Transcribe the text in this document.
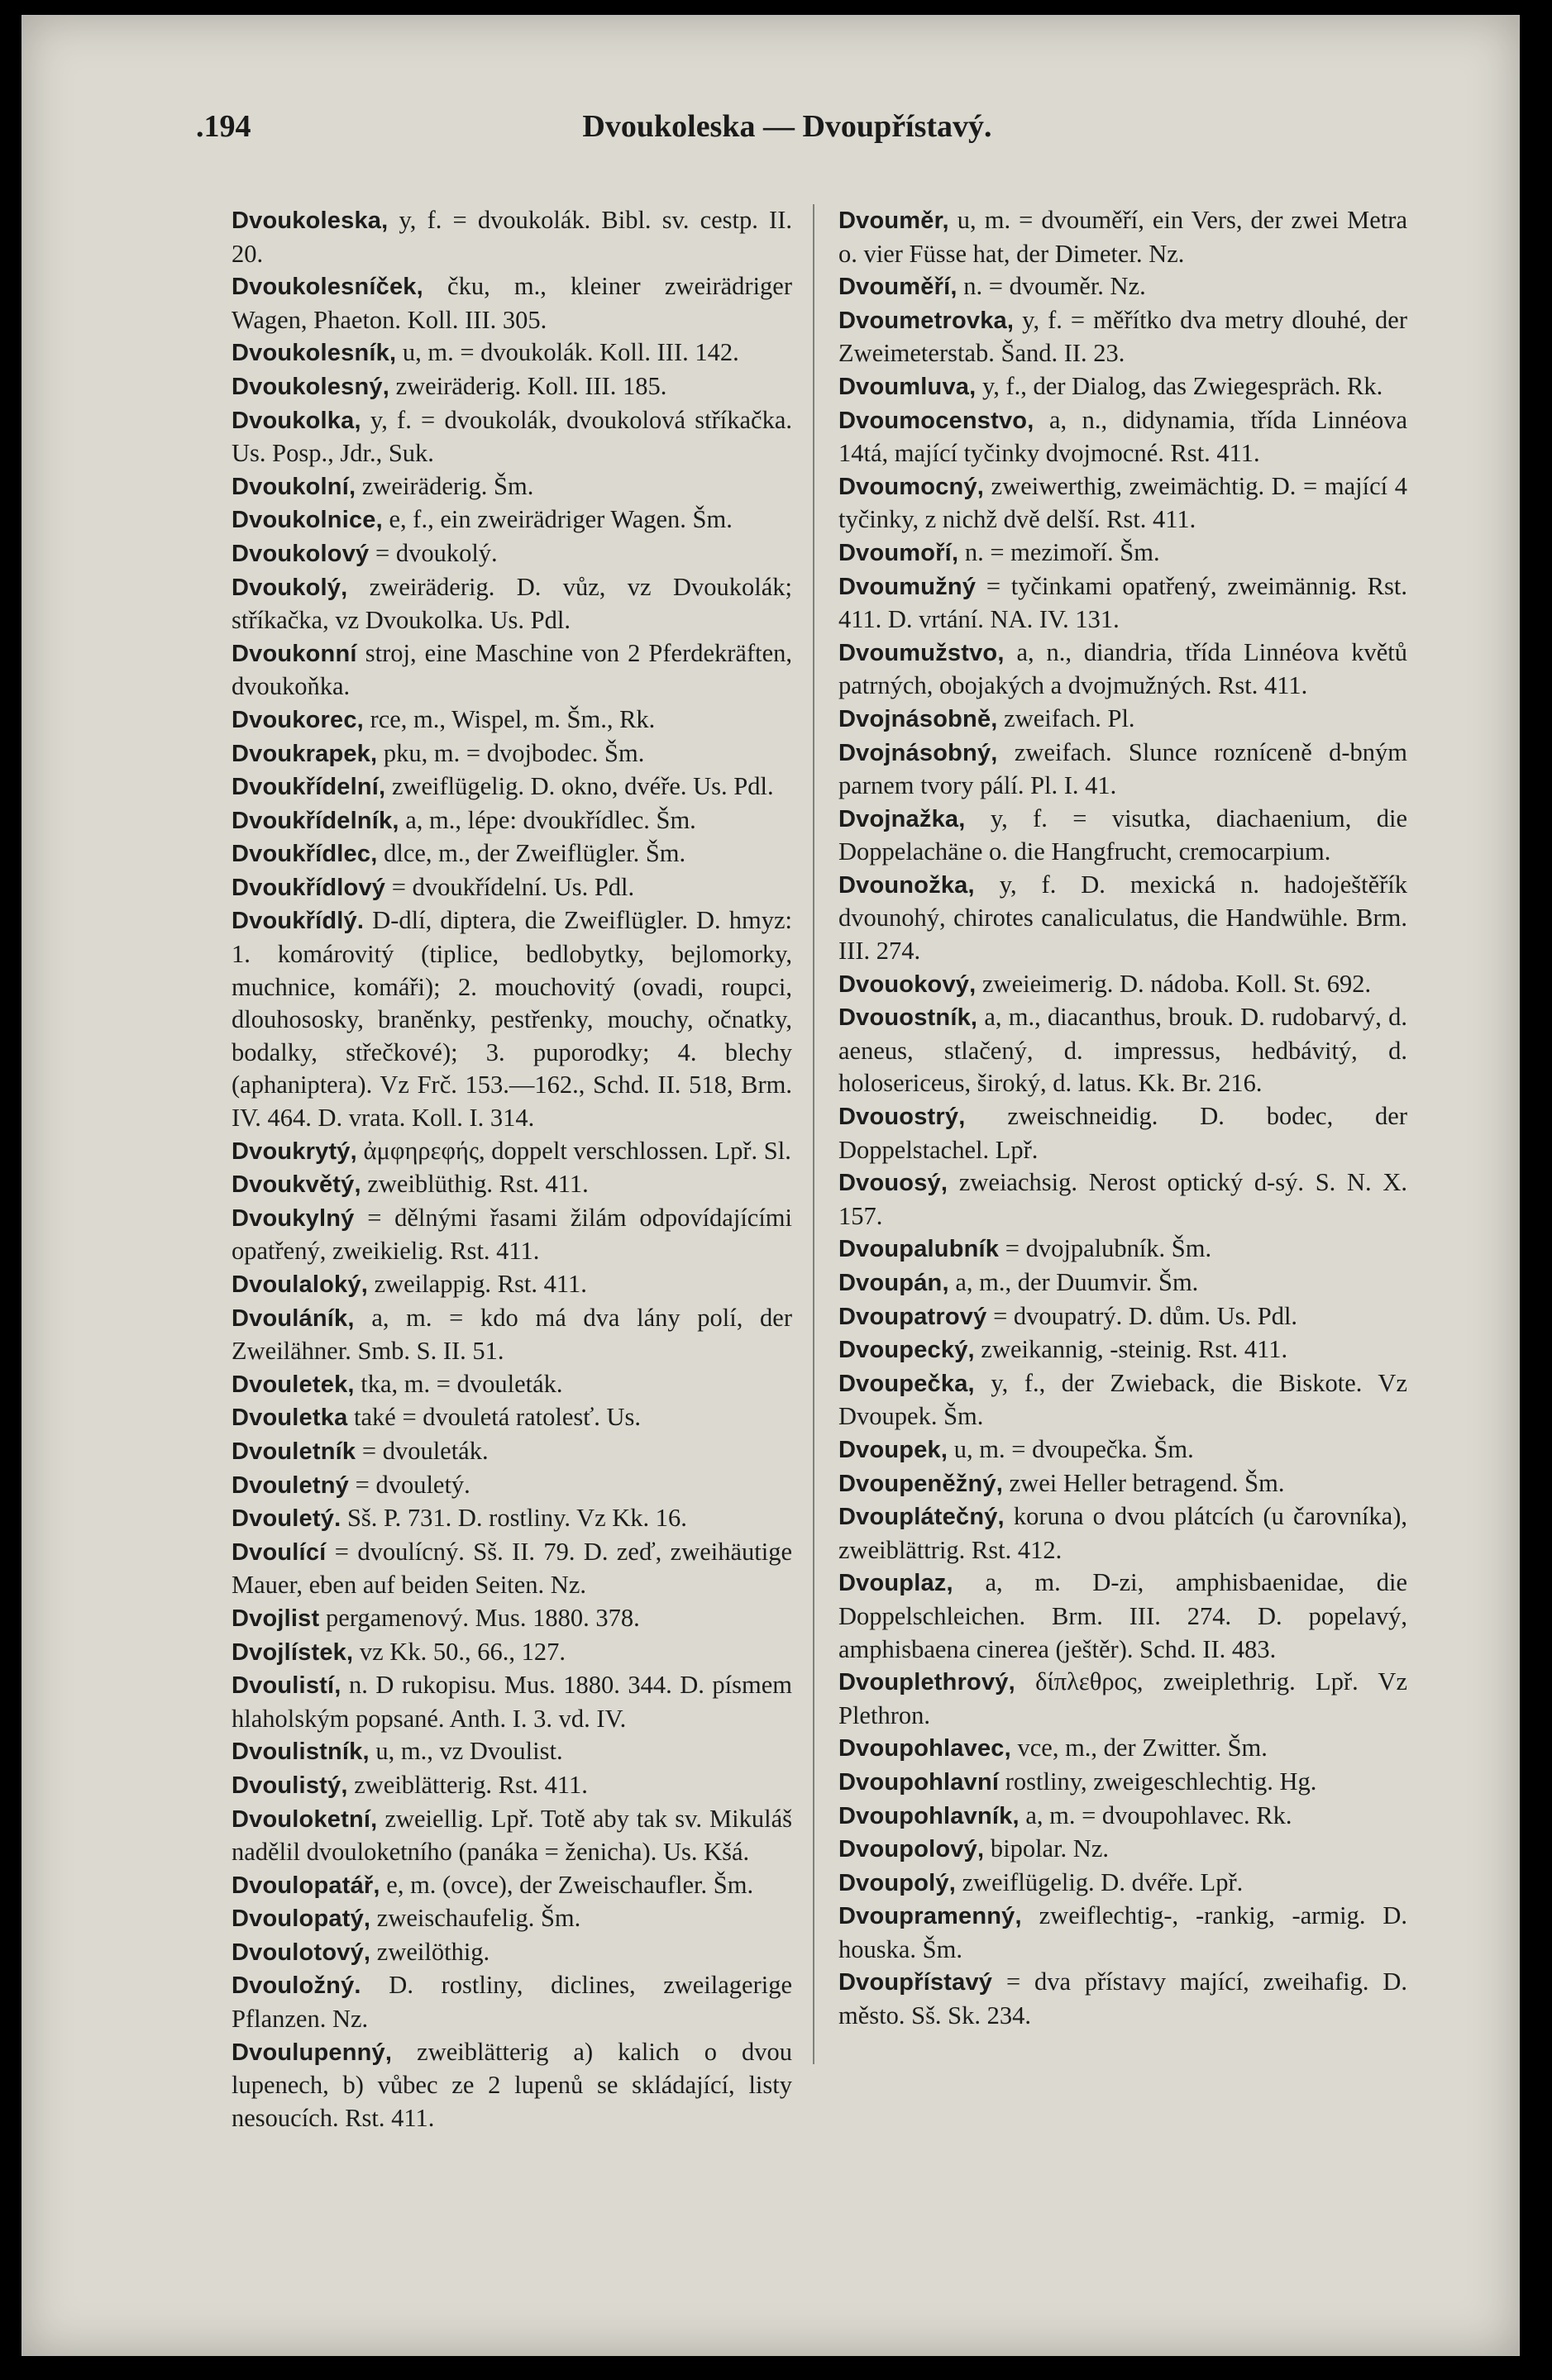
.194	Dvoukoleska — Dvoupřístavý.

Dvoukoleska, y, f. = dvoukolák. Bibl. sv. cestp. II. 20.

Dvoukolesníček, čku, m., kleiner zweirädriger Wagen, Phaeton. Koll. III. 305.

Dvoukolesník, u, m. = dvoukolák. Koll. III. 142.

Dvoukolesný, zweiräderig. Koll. III. 185.

Dvoukolka, y, f. = dvoukolák, dvoukolová stříkačka. Us. Posp., Jdr., Suk.

Dvoukolní, zweiräderig. Šm.

Dvoukolnice, e, f., ein zweirädriger Wagen. Šm.

Dvoukolový = dvoukolý.

Dvoukolý, zweiräderig. D. vůz, vz Dvoukolák; stříkačka, vz Dvoukolka. Us. Pdl.

Dvoukonní stroj, eine Maschine von 2 Pferdekräften, dvoukoňka.

Dvoukorec, rce, m., Wispel, m. Šm., Rk.

Dvoukrapek, pku, m. = dvojbodec. Šm.

Dvoukřídelní, zweiflügelig. D. okno, dvéře. Us. Pdl.

Dvoukřídelník, a, m., lépe: dvoukřídlec. Šm.

Dvoukřídlec, dlce, m., der Zweiflügler. Šm.

Dvoukřídlový = dvoukřídelní. Us. Pdl.

Dvoukřídlý. D-dlí, diptera, die Zweiflügler. D. hmyz: 1. komárovitý (tiplice, bedlobytky, bejlomorky, muchnice, komáři); 2. mouchovitý (ovadi, roupci, dlouhososky, braněnky, pestřenky, mouchy, očnatky, bodalky, střečkové); 3. puporodky; 4. blechy (aphaniptera). Vz Frč. 153.—162., Schd. II. 518, Brm. IV. 464. D. vrata. Koll. I. 314.

Dvoukrytý, ἀμφηρεφής, doppelt verschlossen. Lpř. Sl.

Dvoukvětý, zweiblüthig. Rst. 411.

Dvoukylný = dělnými řasami žilám odpovídajícími opatřený, zweikielig. Rst. 411.

Dvoulaloký, zweilappig. Rst. 411.

Dvouláník, a, m. = kdo má dva lány polí, der Zweilähner. Smb. S. II. 51.

Dvouletek, tka, m. = dvouleták.

Dvouletka také = dvouletá ratolesť. Us.

Dvouletník = dvouleták.

Dvouletný = dvouletý.

Dvouletý. Sš. P. 731. D. rostliny. Vz Kk. 16.

Dvoulící = dvoulícný. Sš. II. 79. D. zeď, zweihäutige Mauer, eben auf beiden Seiten. Nz.

Dvojlist pergamenový. Mus. 1880. 378.

Dvojlístek, vz Kk. 50., 66., 127.

Dvoulistí, n. D rukopisu. Mus. 1880. 344. D. písmem hlaholským popsané. Anth. I. 3. vd. IV.

Dvoulistník, u, m., vz Dvoulist.

Dvoulistý, zweiblätterig. Rst. 411.

Dvouloketní, zweiellig. Lpř. Totě aby tak sv. Mikuláš nadělil dvouloketního (panáka = ženicha). Us. Kšá.

Dvoulopatář, e, m. (ovce), der Zweischaufler. Šm.

Dvoulopatý, zweischaufelig. Šm.

Dvoulotový, zweilöthig.

Dvouložný. D. rostliny, diclines, zweilagerige Pflanzen. Nz.

Dvoulupenný, zweiblätterig a) kalich o dvou lupenech, b) vůbec ze 2 lupenů se skládající, listy nesoucích. Rst. 411.

Dvouměr, u, m. = dvouměří, ein Vers, der zwei Metra o. vier Füsse hat, der Dimeter. Nz.

Dvouměří, n. = dvouměr. Nz.

Dvoumetrovka, y, f. = měřítko dva metry dlouhé, der Zweimeterstab. Šand. II. 23.

Dvoumluva, y, f., der Dialog, das Zwiegespräch. Rk.

Dvoumocenstvo, a, n., didynamia, třída Linnéova 14tá, mající tyčinky dvojmocné. Rst. 411.

Dvoumocný, zweiwerthig, zweimächtig. D. = mající 4 tyčinky, z nichž dvě delší. Rst. 411.

Dvoumoří, n. = mezimoří. Šm.

Dvoumužný = tyčinkami opatřený, zweimännig. Rst. 411. D. vrtání. NA. IV. 131.

Dvoumužstvo, a, n., diandria, třída Linnéova květů patrných, obojakých a dvojmužných. Rst. 411.

Dvojnásobně, zweifach. Pl.

Dvojnásobný, zweifach. Slunce rozníceně d-bným parnem tvory pálí. Pl. I. 41.

Dvojnažka, y, f. = visutka, diachaenium, die Doppelachäne o. die Hangfrucht, cremocarpium.

Dvounožka, y, f. D. mexická n. hadoještěřík dvounohý, chirotes canaliculatus, die Handwühle. Brm. III. 274.

Dvouokový, zweieimerig. D. nádoba. Koll. St. 692.

Dvouostník, a, m., diacanthus, brouk. D. rudobarvý, d. aeneus, stlačený, d. impressus, hedbávitý, d. holosericeus, široký, d. latus. Kk. Br. 216.

Dvouostrý, zweischneidig. D. bodec, der Doppelstachel. Lpř.

Dvouosý, zweiachsig. Nerost optický d-sý. S. N. X. 157.

Dvoupalubník = dvojpalubník. Šm.

Dvoupán, a, m., der Duumvir. Šm.

Dvoupatrový = dvoupatrý. D. dům. Us. Pdl.

Dvoupecký, zweikannig, -steinig. Rst. 411.

Dvoupečka, y, f., der Zwieback, die Biskote. Vz Dvoupek. Šm.

Dvoupek, u, m. = dvoupečka. Šm.

Dvoupeněžný, zwei Heller betragend. Šm.

Dvouplátečný, koruna o dvou plátcích (u čarovníka), zweiblättrig. Rst. 412.

Dvouplaz, a, m. D-zi, amphisbaenidae, die Doppelschleichen. Brm. III. 274. D. popelavý, amphisbaena cinerea (ještěr). Schd. II. 483.

Dvouplethrový, δίπλεθρος, zweiplethrig. Lpř. Vz Plethron.

Dvoupohlavec, vce, m., der Zwitter. Šm.

Dvoupohlavní rostliny, zweigeschlechtig. Hg.

Dvoupohlavník, a, m. = dvoupohlavec. Rk.

Dvoupolový, bipolar. Nz.

Dvoupolý, zweiflügelig. D. dvéře. Lpř.

Dvoupramenný, zweiflechtig-, -rankig, -armig. D. houska. Šm.

Dvoupřístavý = dva přístavy mající, zweihafig. D. město. Sš. Sk. 234.
